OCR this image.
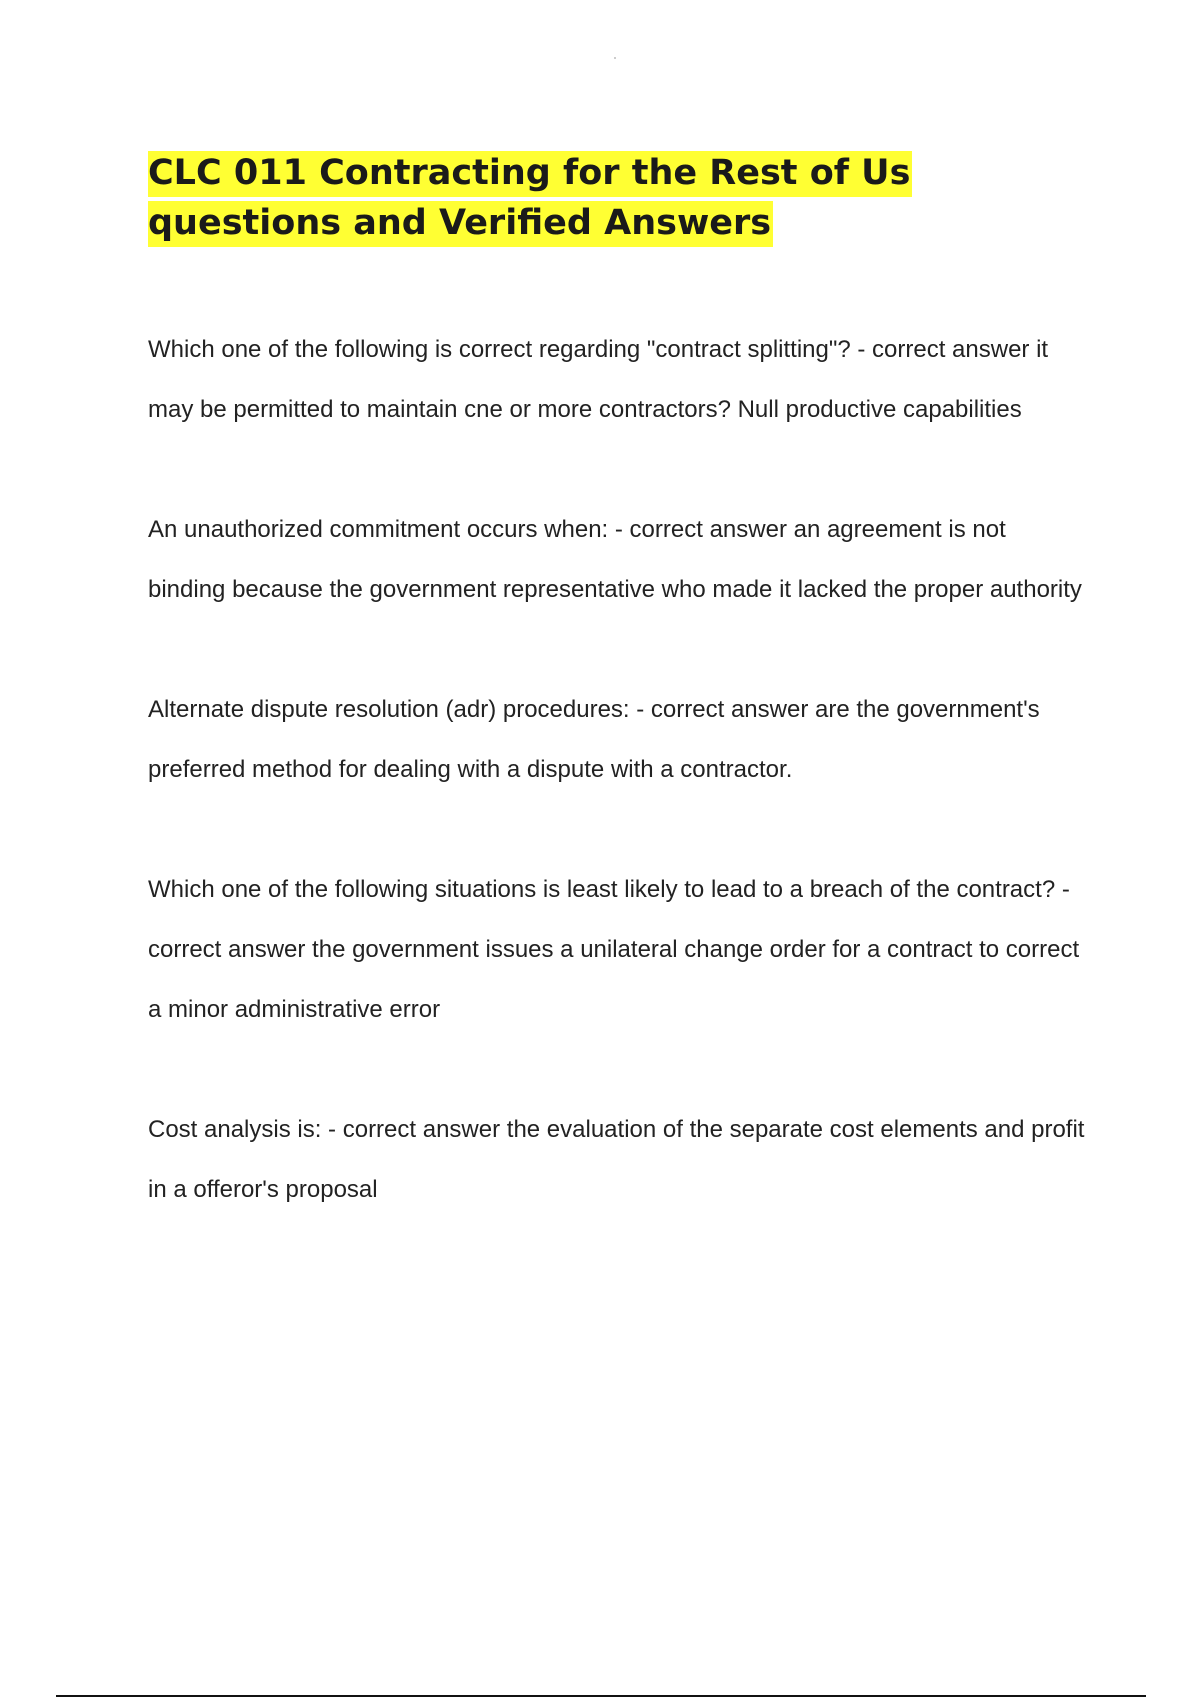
CLC 011 Contracting for the Rest of Us questions and Verified Answers

Which one of the following is correct regarding "contract splitting"? - correct answer it may be permitted to maintain cne or more contractors? Null productive capabilities

An unauthorized commitment occurs when: - correct answer an agreement is not binding because the government representative who made it lacked the proper authority

Alternate dispute resolution (adr) procedures: - correct answer are the government's preferred method for dealing with a dispute with a contractor.

Which one of the following situations is least likely to lead to a breach of the contract? - correct answer the government issues a unilateral change order for a contract to correct a minor administrative error

Cost analysis is: - correct answer the evaluation of the separate cost elements and profit in a offeror's proposal
